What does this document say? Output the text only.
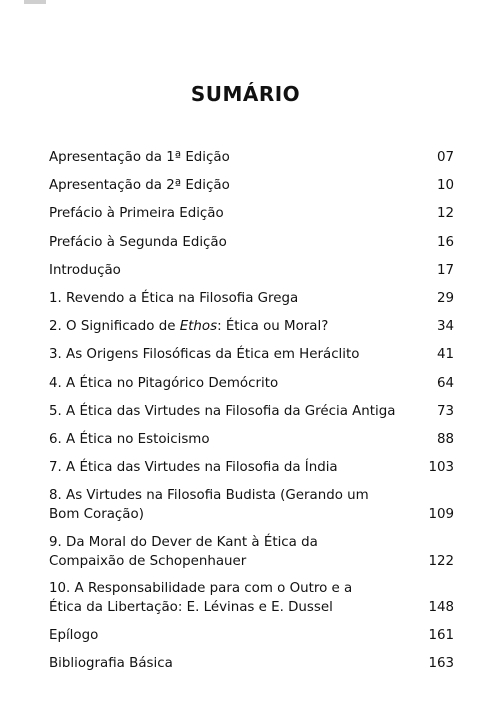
SUMÁRIO
Apresentação da 1ª Edição	07
Apresentação da 2ª Edição	10
Prefácio à Primeira Edição	12
Prefácio à Segunda Edição	16
Introdução	17
1. Revendo a Ética na Filosofia Grega	29
2. O Significado de Ethos: Ética ou Moral?	34
3. As Origens Filosóficas da Ética em Heráclito	41
4. A Ética no Pitagórico Demócrito	64
5. A Ética das Virtudes na Filosofia da Grécia Antiga	73
6. A Ética no Estoicismo	88
7. A Ética das Virtudes na Filosofia da Índia	103
8. As Virtudes na Filosofia Budista (Gerando um
Bom Coração)	109
9. Da Moral do Dever de Kant à Ética da
Compaixão de Schopenhauer	122
10. A Responsabilidade para com o Outro e a
Ética da Libertação: E. Lévinas e E. Dussel	148
Epílogo	161
Bibliografia Básica	163
